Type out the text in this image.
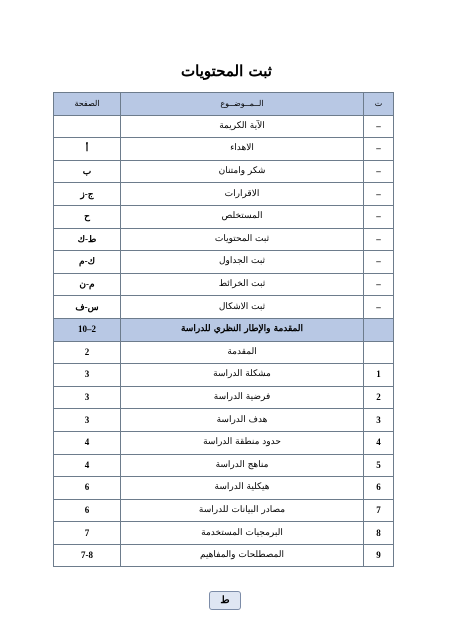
ثبت المحتويات
ت	الــمــوضــوع	الصفحة
–	الآية الكريمة	
–	الاهداء	أ
–	شكر وامتنان	ب
–	الاقرارات	ج-ز
–	المستخلص	ح
–	ثبت المحتويات	ط-ك
–	ثبت الجداول	ك-م
–	ثبت الخرائط	م-ن
–	ثبت الاشكال	س-ف
	المقدمة والإطار النظري للدراسة	2–10
	المقدمة	2
1	مشكلة الدراسة	3
2	فرضية الدراسة	3
3	هدف الدراسة	3
4	حدود منطقة الدراسة	4
5	مناهج الدراسة	4
6	هيكلية الدراسة	6
7	مصادر البيانات للدراسة	6
8	البرمجيات المستخدمة	7
9	المصطلحات والمفاهيم	7-8
ط
